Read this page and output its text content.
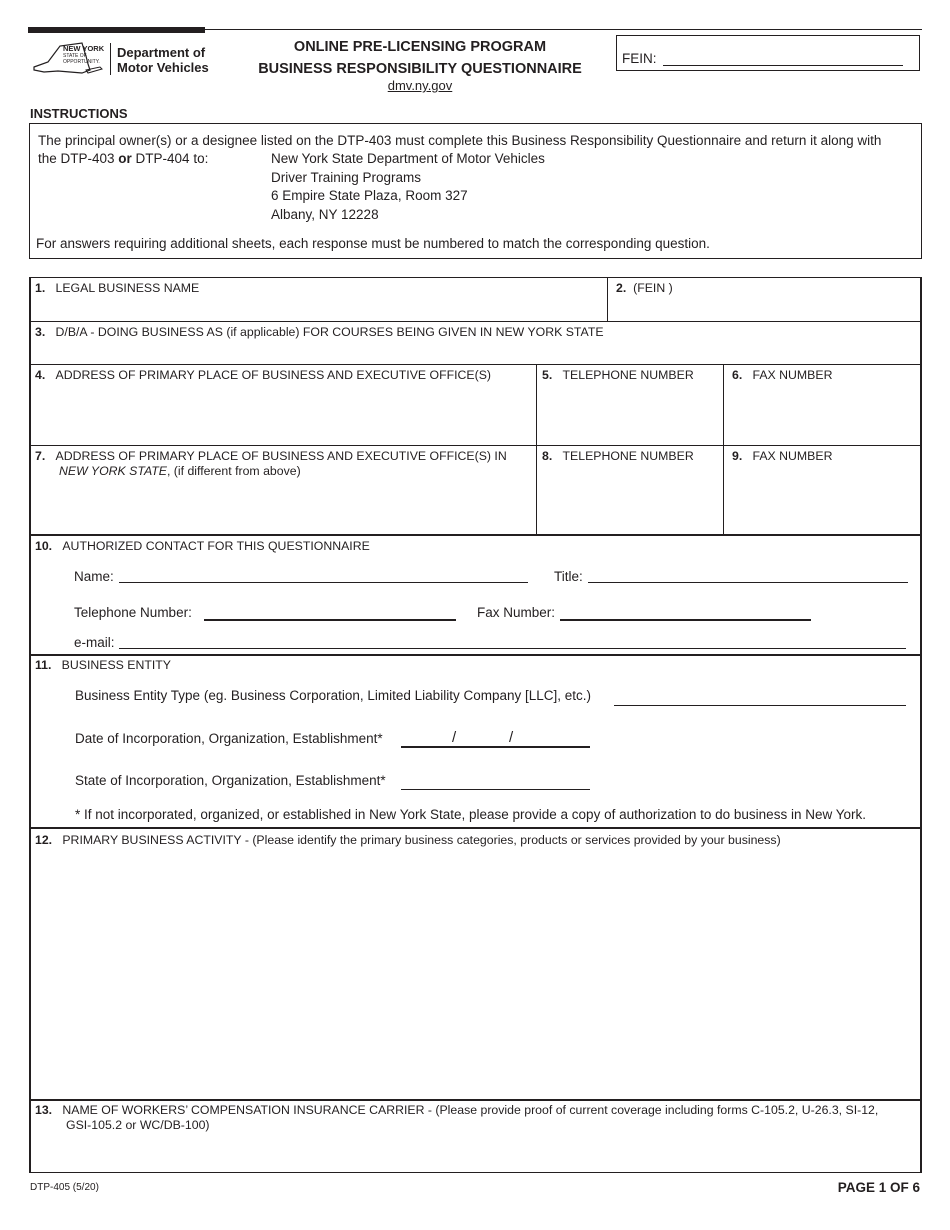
NEW YORK
STATE OF
OPPORTUNITY.
Department of
Motor Vehicles
ONLINE PRE-LICENSING PROGRAM
BUSINESS RESPONSIBILITY QUESTIONNAIRE
dmv.ny.gov
FEIN:
INSTRUCTIONS
The principal owner(s) or a designee listed on the DTP-403 must complete this Business Responsibility Questionnaire and return it along with
the DTP-403 or DTP-404 to:	New York State Department of Motor Vehicles
Driver Training Programs
6 Empire State Plaza, Room 327
Albany, NY 12228
For answers requiring additional sheets, each response must be numbered to match the corresponding question.
1. LEGAL BUSINESS NAME	2. (FEIN )
3. D/B/A - DOING BUSINESS AS (if applicable) FOR COURSES BEING GIVEN IN NEW YORK STATE
4. ADDRESS OF PRIMARY PLACE OF BUSINESS AND EXECUTIVE OFFICE(S)	5. TELEPHONE NUMBER	6. FAX NUMBER
7. ADDRESS OF PRIMARY PLACE OF BUSINESS AND EXECUTIVE OFFICE(S) IN
NEW YORK STATE, (if different from above)
8. TELEPHONE NUMBER	9. FAX NUMBER
10. AUTHORIZED CONTACT FOR THIS QUESTIONNAIRE
Name:	Title:
Telephone Number:	Fax Number:
e-mail:
11. BUSINESS ENTITY
Business Entity Type (eg. Business Corporation, Limited Liability Company [LLC], etc.)
Date of Incorporation, Organization, Establishment*	/	/
State of Incorporation, Organization, Establishment*
* If not incorporated, organized, or established in New York State, please provide a copy of authorization to do business in New York.
12. PRIMARY BUSINESS ACTIVITY - (Please identify the primary business categories, products or services provided by your business)
13. NAME OF WORKERS’ COMPENSATION INSURANCE CARRIER - (Please provide proof of current coverage including forms C-105.2, U-26.3, SI-12,
GSI-105.2 or WC/DB-100)
DTP-405 (5/20)	PAGE 1 OF 6
